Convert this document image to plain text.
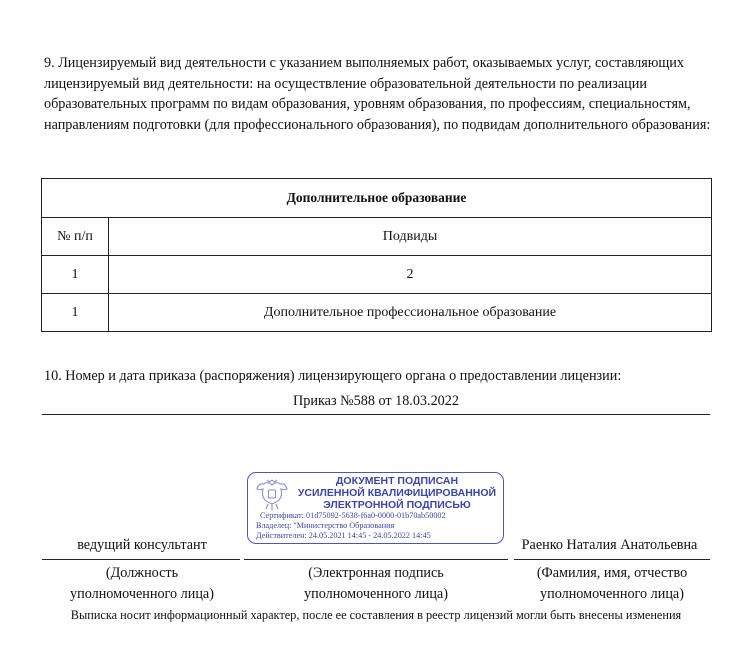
9. Лицензируемый вид деятельности с указанием выполняемых работ, оказываемых услуг, составляющих лицензируемый вид деятельности: на осуществление образовательной деятельности по реализации образовательных программ по видам образования, уровням образования, по профессиям, специальностям, направлениям подготовки (для профессионального образования), по подвидам дополнительного образования:

Дополнительное образование	
№ п/п	Подвиды
1	2
1	Дополнительное профессиональное образование

10. Номер и дата приказа (распоряжения) лицензирующего органа о предоставлении лицензии:

Приказ №588 от 18.03.2022

ДОКУМЕНТ ПОДПИСАН
УСИЛЕННОЙ КВАЛИФИЦИРОВАННОЙ
ЭЛЕКТРОННОЙ ПОДПИСЬЮ

Сертификат: 01d75092-5638-f6a0-0000-01b70ab50002
Владелец: "Министерство Образования
Действителен: 24.05.2021 14:45 - 24.05.2022 14:45
ведущий консультант	Раенко Наталия Анатольевна
(Должность
уполномоченного лица)
(Электронная подпись
уполномоченного лица)
(Фамилия, имя, отчество
уполномоченного лица)
Выписка носит информационный характер, после ее составления в реестр лицензий могли быть внесены изменения
